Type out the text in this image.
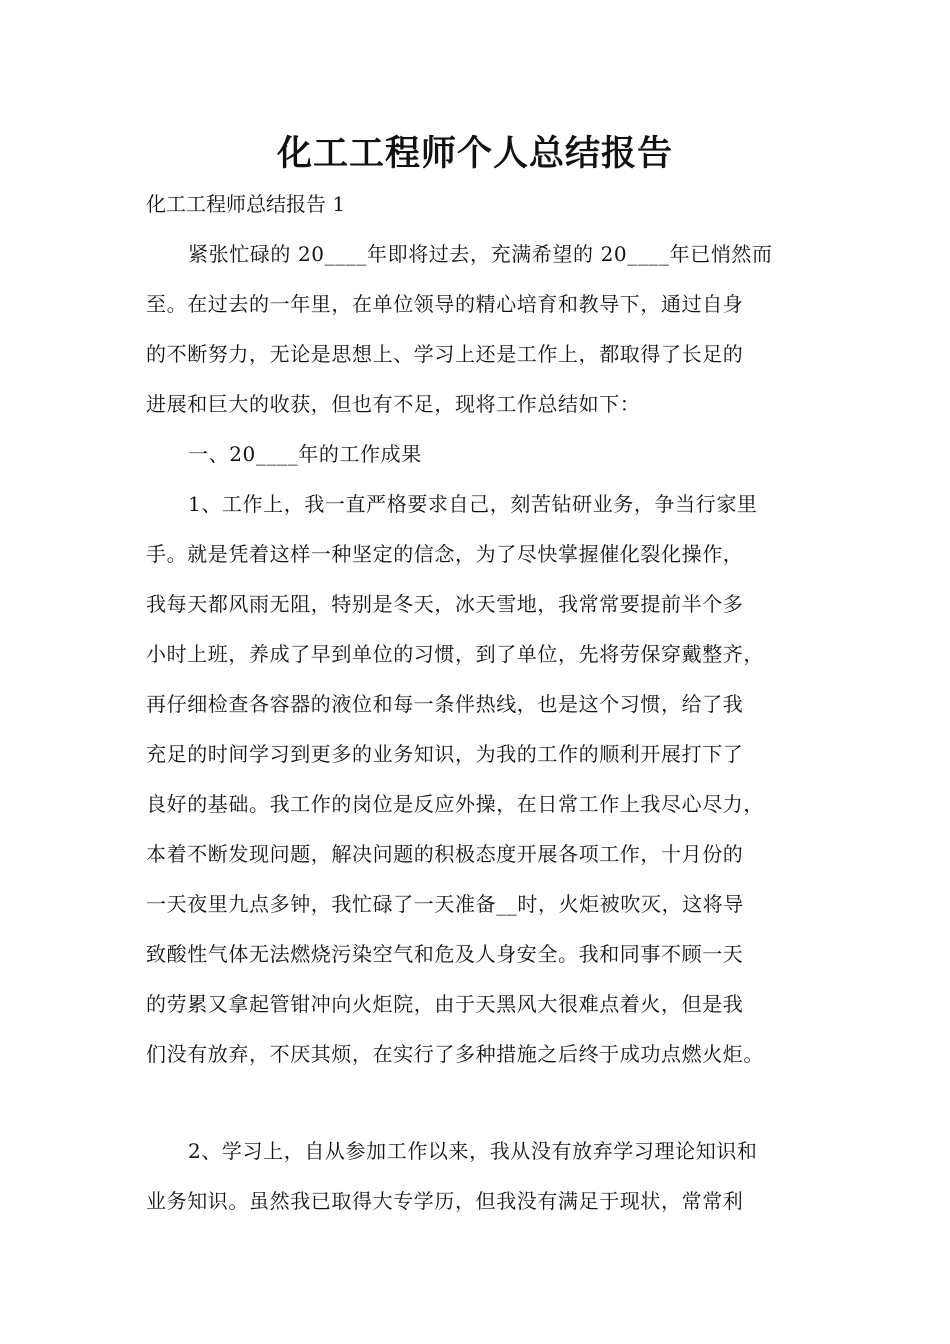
化工工程师个人总结报告

化工工程师总结报告 1

紧张忙碌的 20____年即将过去，充满希望的 20____年已悄然而

至。在过去的一年里，在单位领导的精心培育和教导下，通过自身

的不断努力，无论是思想上、学习上还是工作上，都取得了长足的

进展和巨大的收获，但也有不足，现将工作总结如下：

一、20____年的工作成果

1、工作上，我一直严格要求自己，刻苦钻研业务，争当行家里

手。就是凭着这样一种坚定的信念，为了尽快掌握催化裂化操作，

我每天都风雨无阻，特别是冬天，冰天雪地，我常常要提前半个多

小时上班，养成了早到单位的习惯，到了单位，先将劳保穿戴整齐，

再仔细检查各容器的液位和每一条伴热线，也是这个习惯，给了我

充足的时间学习到更多的业务知识，为我的工作的顺利开展打下了

良好的基础。我工作的岗位是反应外操，在日常工作上我尽心尽力，

本着不断发现问题，解决问题的积极态度开展各项工作，十月份的

一天夜里九点多钟，我忙碌了一天准备__时，火炬被吹灭，这将导

致酸性气体无法燃烧污染空气和危及人身安全。我和同事不顾一天

的劳累又拿起管钳冲向火炬院，由于天黑风大很难点着火，但是我

们没有放弃，不厌其烦，在实行了多种措施之后终于成功点燃火炬。

2、学习上，自从参加工作以来，我从没有放弃学习理论知识和

业务知识。虽然我已取得大专学历，但我没有满足于现状，常常利
